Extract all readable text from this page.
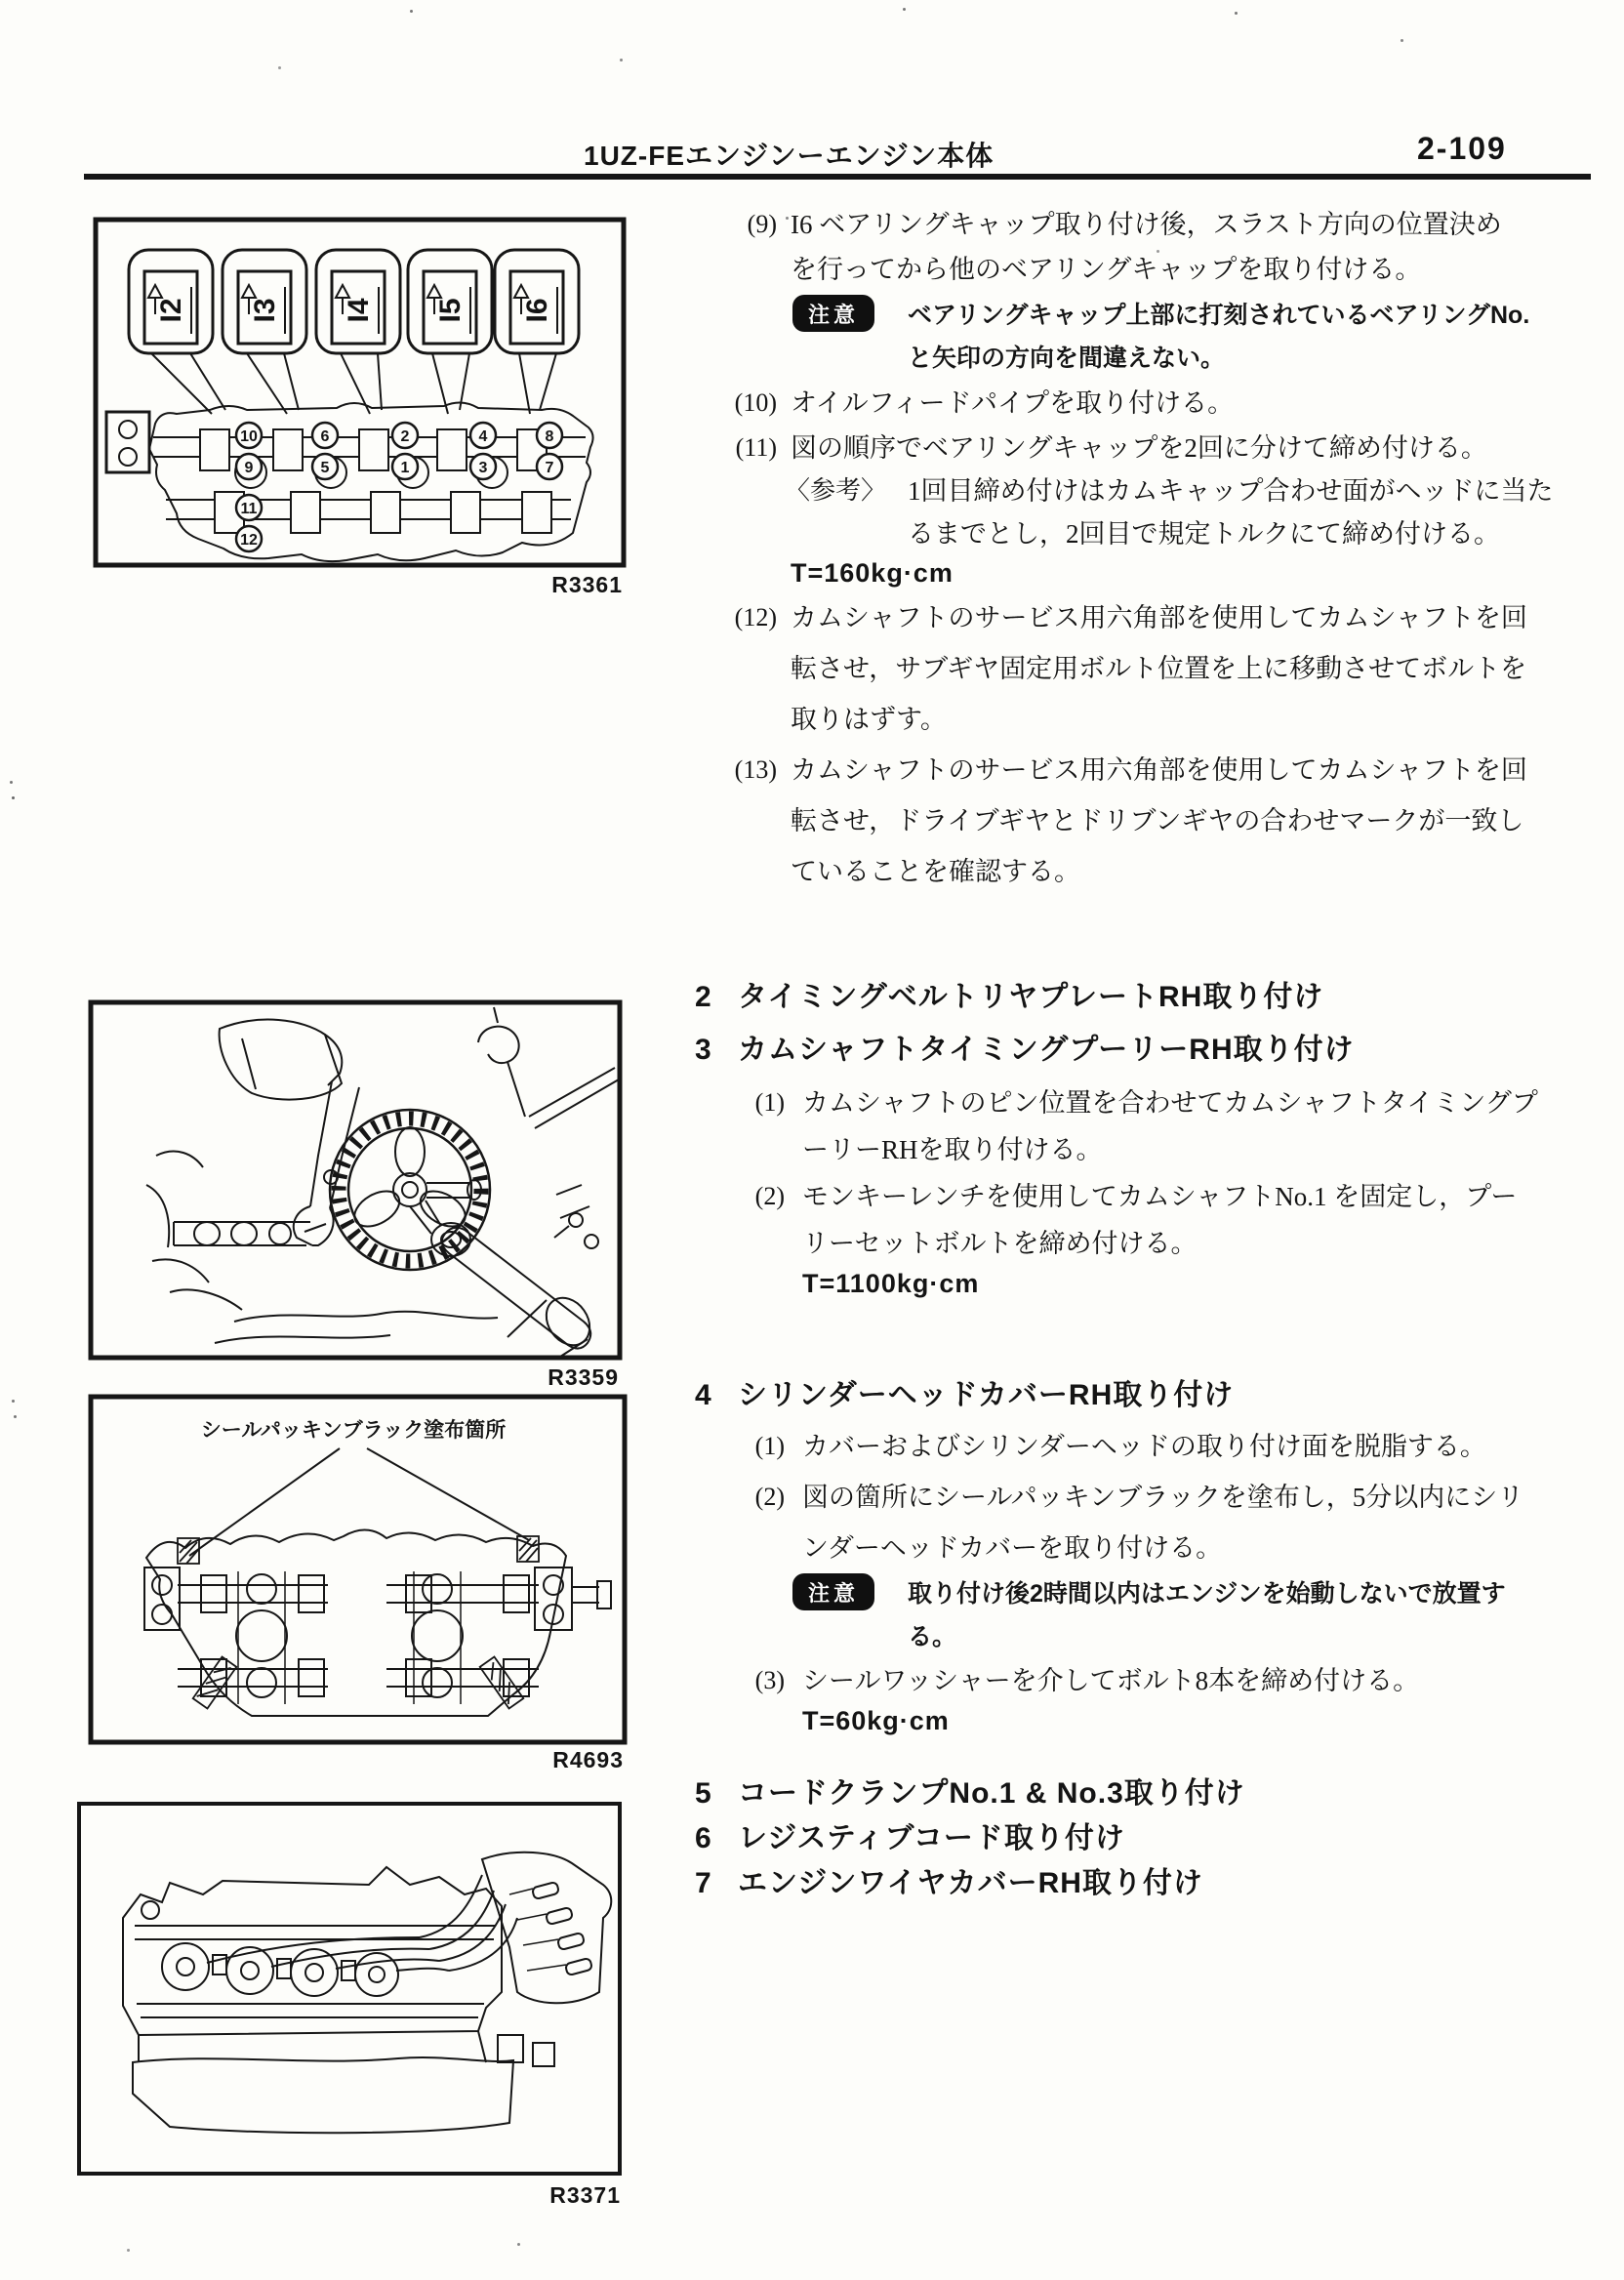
1UZ-FEエンジンーエンジン本体	2-109
I2 I3 I4 I5 I6
10
9
6
5
2
1
4
3
8
7
11
12
R3361
R3359
シールパッキンブラック塗布箇所
R4693
R3371
(9) I6 ベアリングキャップ取り付け後，スラスト方向の位置決め
を行ってから他のベアリングキャップを取り付ける。
注意	ベアリングキャップ上部に打刻されているベアリングNo.
と矢印の方向を間違えない。
(10) オイルフィードパイプを取り付ける。
(11) 図の順序でベアリングキャップを2回に分けて締め付ける。
〈参考〉 1回目締め付けはカムキャップ合わせ面がヘッドに当た
るまでとし，2回目で規定トルクにて締め付ける。
T=160kg·cm
(12) カムシャフトのサービス用六角部を使用してカムシャフトを回
転させ，サブギヤ固定用ボルト位置を上に移動させてボルトを
取りはずす。
(13) カムシャフトのサービス用六角部を使用してカムシャフトを回
転させ，ドライブギヤとドリブンギヤの合わせマークが一致し
ていることを確認する。
2 タイミングベルトリヤプレートRH取り付け
3 カムシャフトタイミングプーリーRH取り付け
(1) カムシャフトのピン位置を合わせてカムシャフトタイミングプ
ーリーRHを取り付ける。
(2) モンキーレンチを使用してカムシャフトNo.1 を固定し，プー
リーセットボルトを締め付ける。
T=1100kg·cm
4 シリンダーヘッドカバーRH取り付け
(1) カバーおよびシリンダーヘッドの取り付け面を脱脂する。
(2) 図の箇所にシールパッキンブラックを塗布し，5分以内にシリ
ンダーヘッドカバーを取り付ける。
注意	取り付け後2時間以内はエンジンを始動しないで放置す
る。
(3) シールワッシャーを介してボルト8本を締め付ける。
T=60kg·cm
5 コードクランプNo.1 & No.3取り付け
6 レジスティブコード取り付け
7 エンジンワイヤカバーRH取り付け
